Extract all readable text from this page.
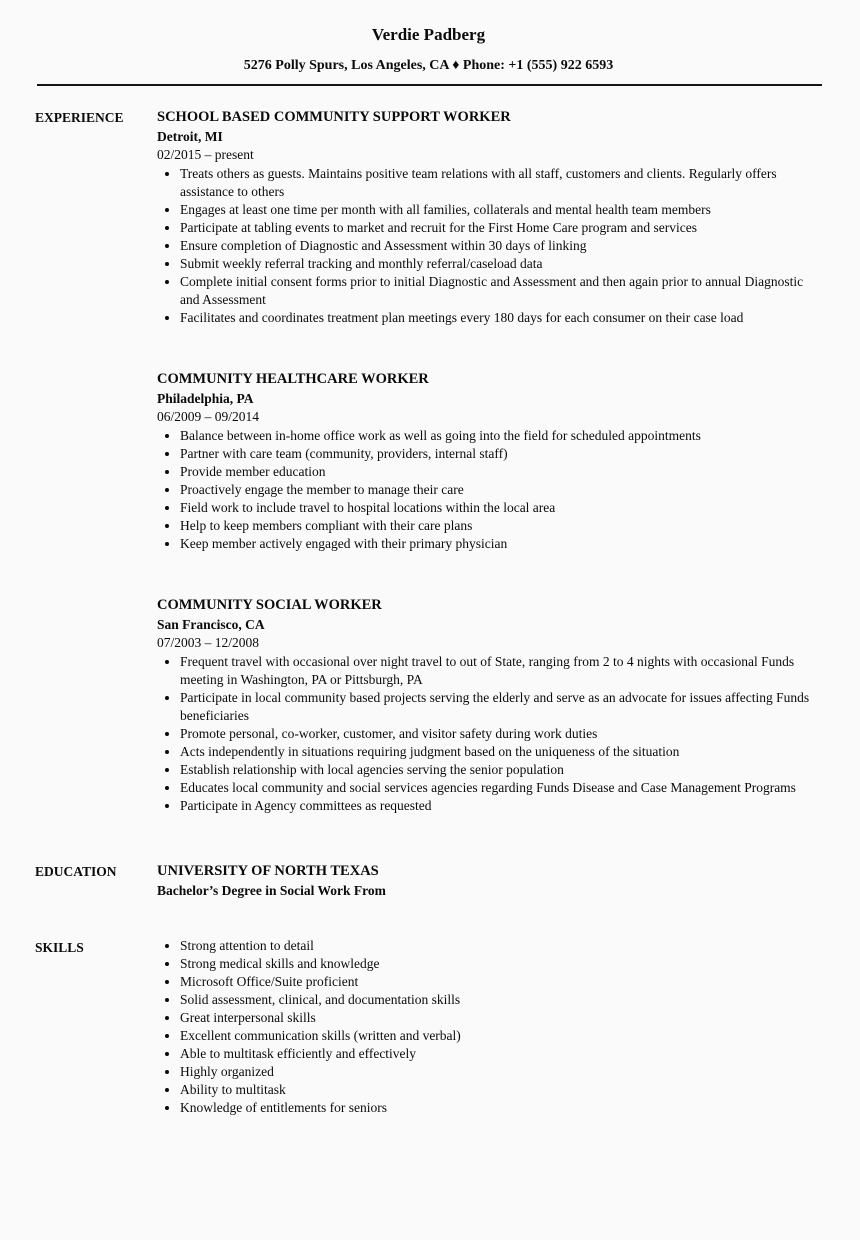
Verdie Padberg
5276 Polly Spurs, Los Angeles, CA ♦ Phone: +1 (555) 922 6593
EXPERIENCE	SCHOOL BASED COMMUNITY SUPPORT WORKER
Detroit, MI
02/2015 – present
• Treats others as guests. Maintains positive team relations with all staff, customers and clients. Regularly offers assistance to others
• Engages at least one time per month with all families, collaterals and mental health team members
• Participate at tabling events to market and recruit for the First Home Care program and services
• Ensure completion of Diagnostic and Assessment within 30 days of linking
• Submit weekly referral tracking and monthly referral/caseload data
• Complete initial consent forms prior to initial Diagnostic and Assessment and then again prior to annual Diagnostic and Assessment
• Facilitates and coordinates treatment plan meetings every 180 days for each consumer on their case load
COMMUNITY HEALTHCARE WORKER
Philadelphia, PA
06/2009 – 09/2014
• Balance between in-home office work as well as going into the field for scheduled appointments
• Partner with care team (community, providers, internal staff)
• Provide member education
• Proactively engage the member to manage their care
• Field work to include travel to hospital locations within the local area
• Help to keep members compliant with their care plans
• Keep member actively engaged with their primary physician
COMMUNITY SOCIAL WORKER
San Francisco, CA
07/2003 – 12/2008
• Frequent travel with occasional over night travel to out of State, ranging from 2 to 4 nights with occasional Funds meeting in Washington, PA or Pittsburgh, PA
• Participate in local community based projects serving the elderly and serve as an advocate for issues affecting Funds beneficiaries
• Promote personal, co-worker, customer, and visitor safety during work duties
• Acts independently in situations requiring judgment based on the uniqueness of the situation
• Establish relationship with local agencies serving the senior population
• Educates local community and social services agencies regarding Funds Disease and Case Management Programs
• Participate in Agency committees as requested
EDUCATION	UNIVERSITY OF NORTH TEXAS
Bachelor’s Degree in Social Work From
SKILLS	• Strong attention to detail
• Strong medical skills and knowledge
• Microsoft Office/Suite proficient
• Solid assessment, clinical, and documentation skills
• Great interpersonal skills
• Excellent communication skills (written and verbal)
• Able to multitask efficiently and effectively
• Highly organized
• Ability to multitask
• Knowledge of entitlements for seniors
